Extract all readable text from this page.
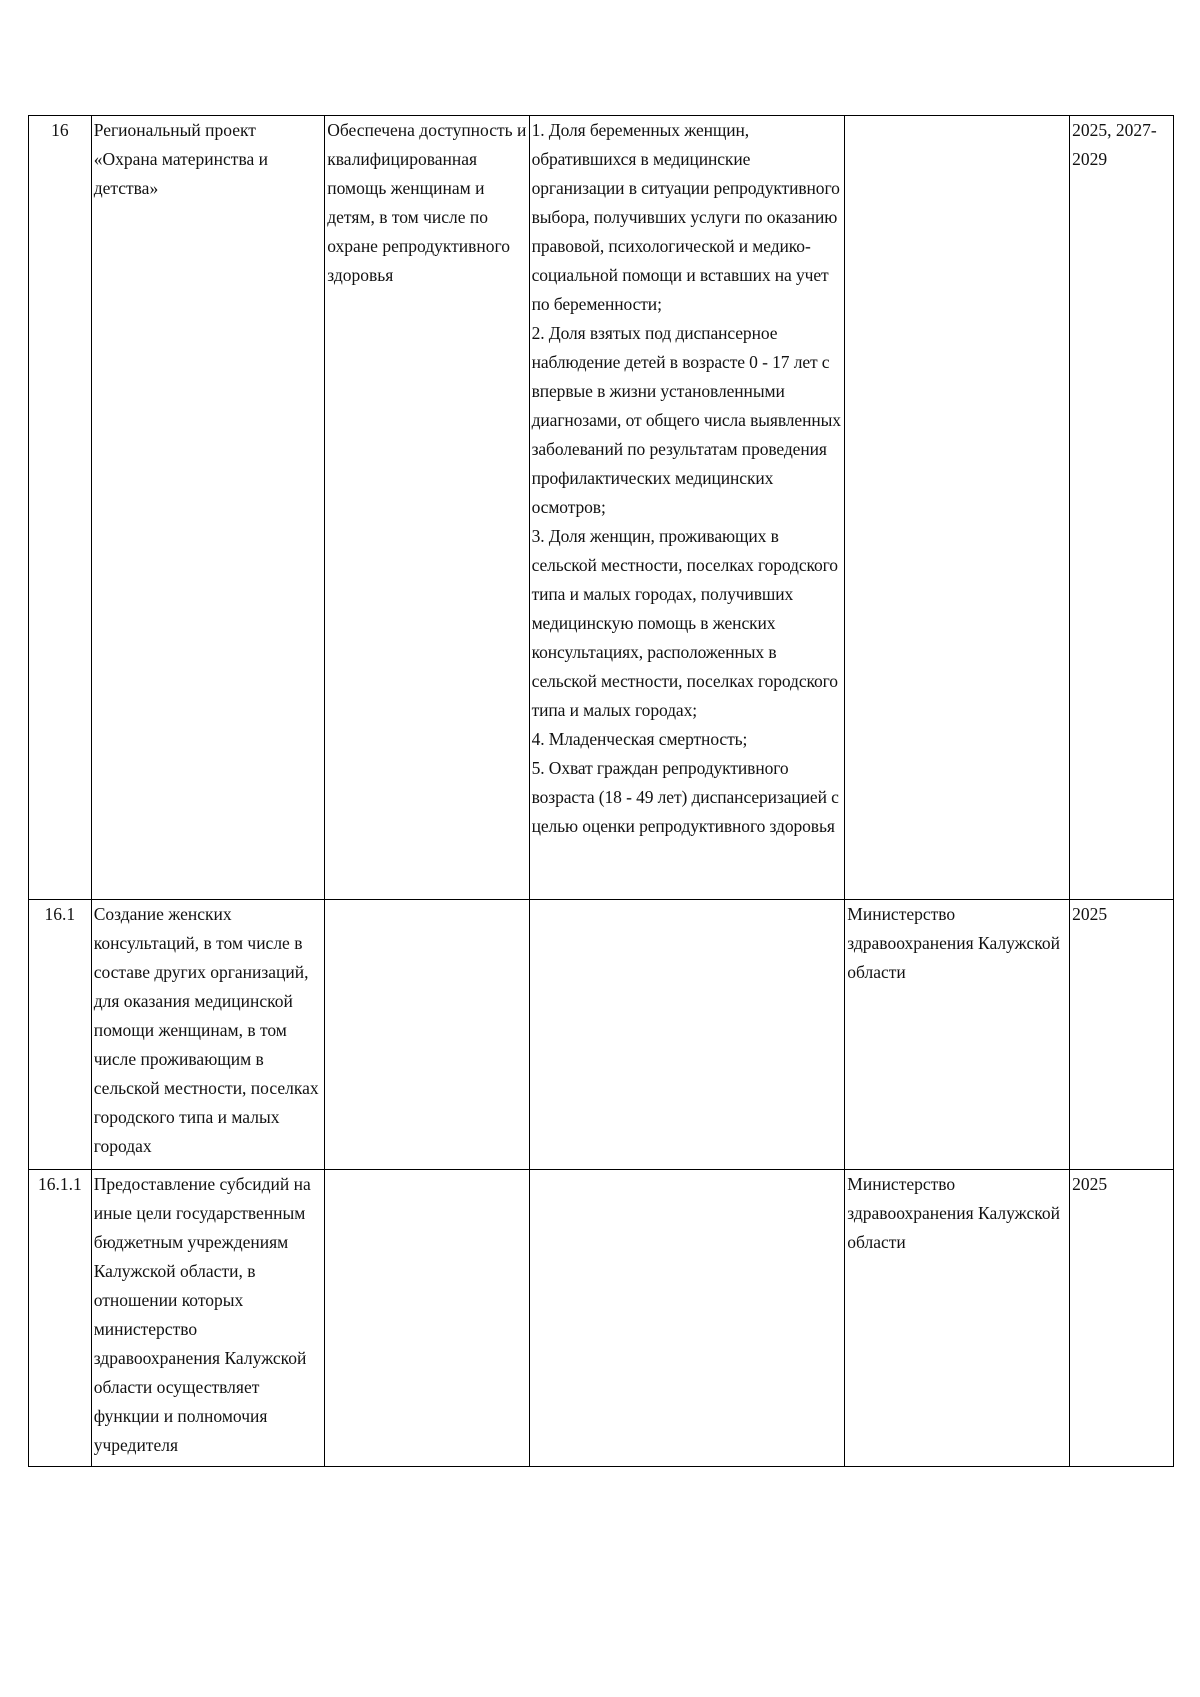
16	Региональный проект «Охрана материнства и детства»	Обеспечена доступность и квалифицированная помощь женщинам и детям, в том числе по охране репродуктивного здоровья	1. Доля беременных женщин, обратившихся в медицинские организации в ситуации репродуктивного выбора, получивших услуги по оказанию правовой, психологической и медико-социальной помощи и вставших на учет по беременности;
2. Доля взятых под диспансерное наблюдение детей в возрасте 0 - 17 лет с впервые в жизни установленными диагнозами, от общего числа выявленных заболеваний по результатам проведения профилактических медицинских осмотров;
3. Доля женщин, проживающих в сельской местности, поселках городского типа и малых городах, получивших медицинскую помощь в женских консультациях, расположенных в сельской местности, поселках городского типа и малых городах;
4. Младенческая смертность;
5. Охват граждан репродуктивного возраста (18 - 49 лет) диспансеризацией с целью оценки репродуктивного здоровья		2025, 2027-2029

16.1	Создание женских консультаций, в том числе в составе других организаций, для оказания медицинской помощи женщинам, в том числе проживающим в сельской местности, поселках городского типа и малых городах			Министерство здравоохранения Калужской области	2025

16.1.1	Предоставление субсидий на иные цели государственным бюджетным учреждениям Калужской области, в отношении которых министерство здравоохранения Калужской области осуществляет функции и полномочия учредителя			Министерство здравоохранения Калужской области	2025
